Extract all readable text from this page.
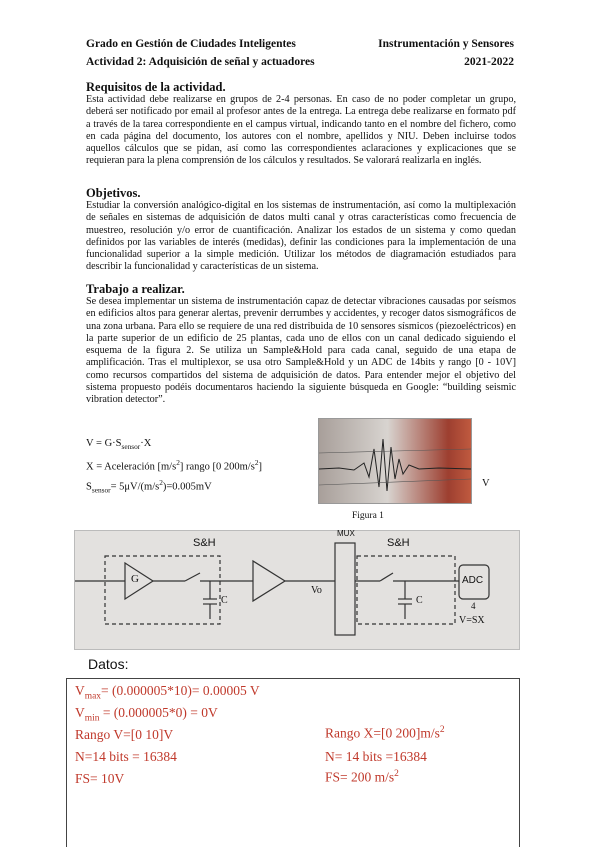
Grado en Gestión de Ciudades Inteligentes	Instrumentación y Sensores
Actividad 2: Adquisición de señal y actuadores	2021-2022
Requisitos de la actividad.
Esta actividad debe realizarse en grupos de 2-4 personas. En caso de no poder completar un grupo, deberá ser notificado por email al profesor antes de la entrega. La entrega debe realizarse en formato pdf a través de la tarea correspondiente en el campus virtual, indicando tanto en el nombre del fichero, como en cada página del documento, los autores con el nombre, apellidos y NIU. Deben incluirse todos aquellos cálculos que se pidan, así como las correspondientes aclaraciones y explicaciones que se requieran para la plena comprensión de los cálculos y resultados. Se valorará realizarla en inglés.
Objetivos.
Estudiar la conversión analógico-digital en los sistemas de instrumentación, así como la multiplexación de señales en sistemas de adquisición de datos multi canal y otras características como frecuencia de muestreo, resolución y/o error de cuantificación. Analizar los estados de un sistema y como quedan definidos por las variables de interés (medidas), definir las condiciones para la implementación de una funcionalidad superior a la simple medición. Utilizar los métodos de diagramación estudiados para describir la funcionalidad y características de un sistema.
Trabajo a realizar.
Se desea implementar un sistema de instrumentación capaz de detectar vibraciones causadas por seísmos en edificios altos para generar alertas, prevenir derrumbes y accidentes, y recoger datos sismográficos de una zona urbana. Para ello se requiere de una red distribuida de 10 sensores sísmicos (piezoeléctricos) en la parte superior de un edificio de 25 plantas, cada uno de ellos con un canal dedicado siguiendo el esquema de la figura 2. Se utiliza un Sample&Hold para cada canal, seguido de una etapa de amplificación. Tras el multiplexor, se usa otro Sample&Hold y un ADC de 14bits y rango [0 - 10V] como recursos compartidos del sistema de adquisición de datos. Para entender mejor el objetivo del sistema propuesto podéis documentaros haciendo la siguiente búsqueda en Google: “building seismic vibration detector”.
$V = G\cdot S_{sensor}\cdot X$
X = Aceleración $[m/s^2]$ rango [0 $200m/s^2$]
$S_{sensor}= 5\mu V/(m/s^2)=0.005mV$	V
Figura 1
S&H	S&H
MUX
G
C	C
Vo
ADC
4
V=SX
Datos:
$V_{max}= (0.000005*10)= 0.00005$ V
$V_{min} = (0.000005*0) = 0V$
Rango V=[0 10]V	Rango X=[0 $200]m/s^2$
N=14 bits = 16384	N= 14 bits =16384
FS= 10V	FS= 200 $m/s^2$
